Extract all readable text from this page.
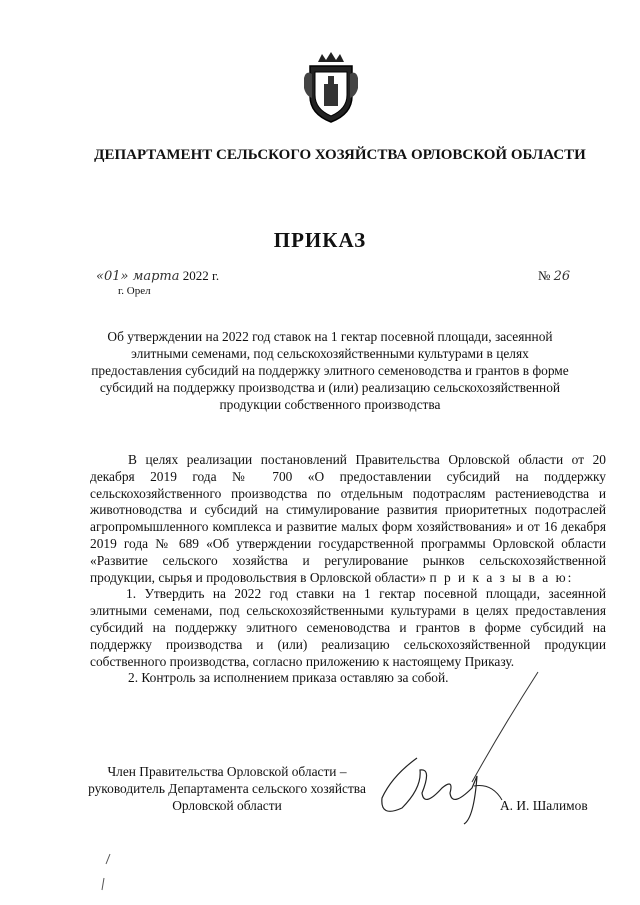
ДЕПАРТАМЕНТ СЕЛЬСКОГО ХОЗЯЙСТВА ОРЛОВСКОЙ ОБЛАСТИ
ПРИКАЗ
«01» марта 2022 г.
г. Орел
№ 26
Об утверждении на 2022 год ставок на 1 гектар посевной площади, засеянной элитными семенами, под сельскохозяйственными культурами в целях предоставления субсидий на поддержку элитного семеноводства и грантов в форме субсидий на поддержку производства и (или) реализацию сельскохозяйственной продукции собственного производства

В целях реализации постановлений Правительства Орловской области от 20 декабря 2019 года № 700 «О предоставлении субсидий на поддержку сельскохозяйственного производства по отдельным подотраслям растениеводства и животноводства и субсидий на стимулирование развития приоритетных подотраслей агропромышленного комплекса и развитие малых форм хозяйствования» и от 16 декабря 2019 года № 689 «Об утверждении государственной программы Орловской области «Развитие сельского хозяйства и регулирование рынков сельскохозяйственной продукции, сырья и продовольствия в Орловской области» п р и к а з ы в а ю:

1. Утвердить на 2022 год ставки на 1 гектар посевной площади, засеянной элитными семенами, под сельскохозяйственными культурами в целях предоставления субсидий на поддержку элитного семеноводства и грантов в форме субсидий на поддержку производства и (или) реализацию сельскохозяйственной продукции собственного производства, согласно приложению к настоящему Приказу.

2. Контроль за исполнением приказа оставляю за собой.

Член Правительства Орловской области – руководитель Департамента сельского хозяйства Орловской области	А. И. Шалимов
